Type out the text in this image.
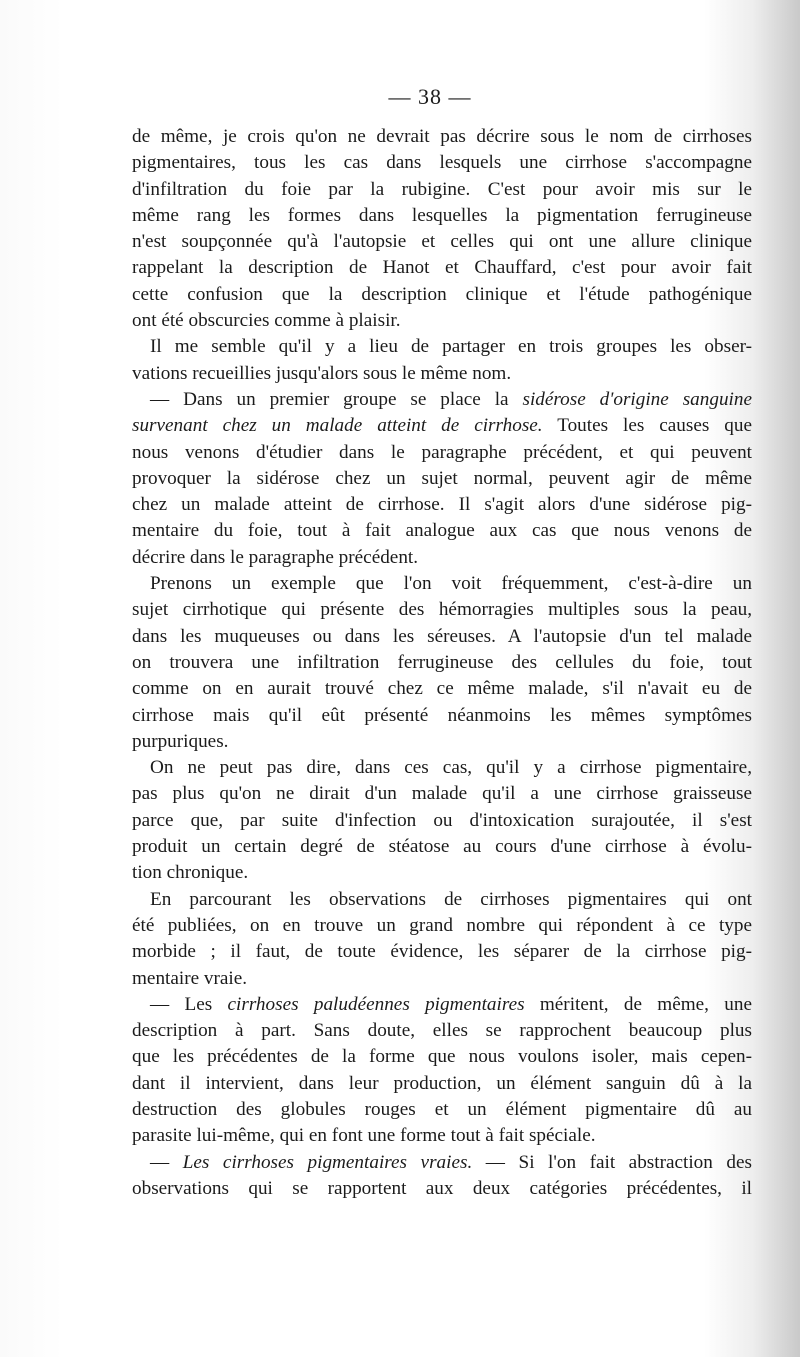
— 38 —
de même, je crois qu'on ne devrait pas décrire sous le nom de cirrhoses
pigmentaires, tous les cas dans lesquels une cirrhose s'accompagne
d'infiltration du foie par la rubigine. C'est pour avoir mis sur le
même rang les formes dans lesquelles la pigmentation ferrugineuse
n'est soupçonnée qu'à l'autopsie et celles qui ont une allure clinique
rappelant la description de Hanot et Chauffard, c'est pour avoir fait
cette confusion que la description clinique et l'étude pathogénique
ont été obscurcies comme à plaisir.
Il me semble qu'il y a lieu de partager en trois groupes les obser-
vations recueillies jusqu'alors sous le même nom.
— Dans un premier groupe se place la sidérose d'origine sanguine
survenant chez un malade atteint de cirrhose. Toutes les causes que
nous venons d'étudier dans le paragraphe précédent, et qui peuvent
provoquer la sidérose chez un sujet normal, peuvent agir de même
chez un malade atteint de cirrhose. Il s'agit alors d'une sidérose pig-
mentaire du foie, tout à fait analogue aux cas que nous venons de
décrire dans le paragraphe précédent.
Prenons un exemple que l'on voit fréquemment, c'est-à-dire un
sujet cirrhotique qui présente des hémorragies multiples sous la peau,
dans les muqueuses ou dans les séreuses. A l'autopsie d'un tel malade
on trouvera une infiltration ferrugineuse des cellules du foie, tout
comme on en aurait trouvé chez ce même malade, s'il n'avait eu de
cirrhose mais qu'il eût présenté néanmoins les mêmes symptômes
purpuriques.
On ne peut pas dire, dans ces cas, qu'il y a cirrhose pigmentaire,
pas plus qu'on ne dirait d'un malade qu'il a une cirrhose graisseuse
parce que, par suite d'infection ou d'intoxication surajoutée, il s'est
produit un certain degré de stéatose au cours d'une cirrhose à évolu-
tion chronique.
En parcourant les observations de cirrhoses pigmentaires qui ont
été publiées, on en trouve un grand nombre qui répondent à ce type
morbide ; il faut, de toute évidence, les séparer de la cirrhose pig-
mentaire vraie.
— Les cirrhoses paludéennes pigmentaires méritent, de même, une
description à part. Sans doute, elles se rapprochent beaucoup plus
que les précédentes de la forme que nous voulons isoler, mais cepen-
dant il intervient, dans leur production, un élément sanguin dû à la
destruction des globules rouges et un élément pigmentaire dû au
parasite lui-même, qui en font une forme tout à fait spéciale.
— Les cirrhoses pigmentaires vraies. — Si l'on fait abstraction des
observations qui se rapportent aux deux catégories précédentes, il
